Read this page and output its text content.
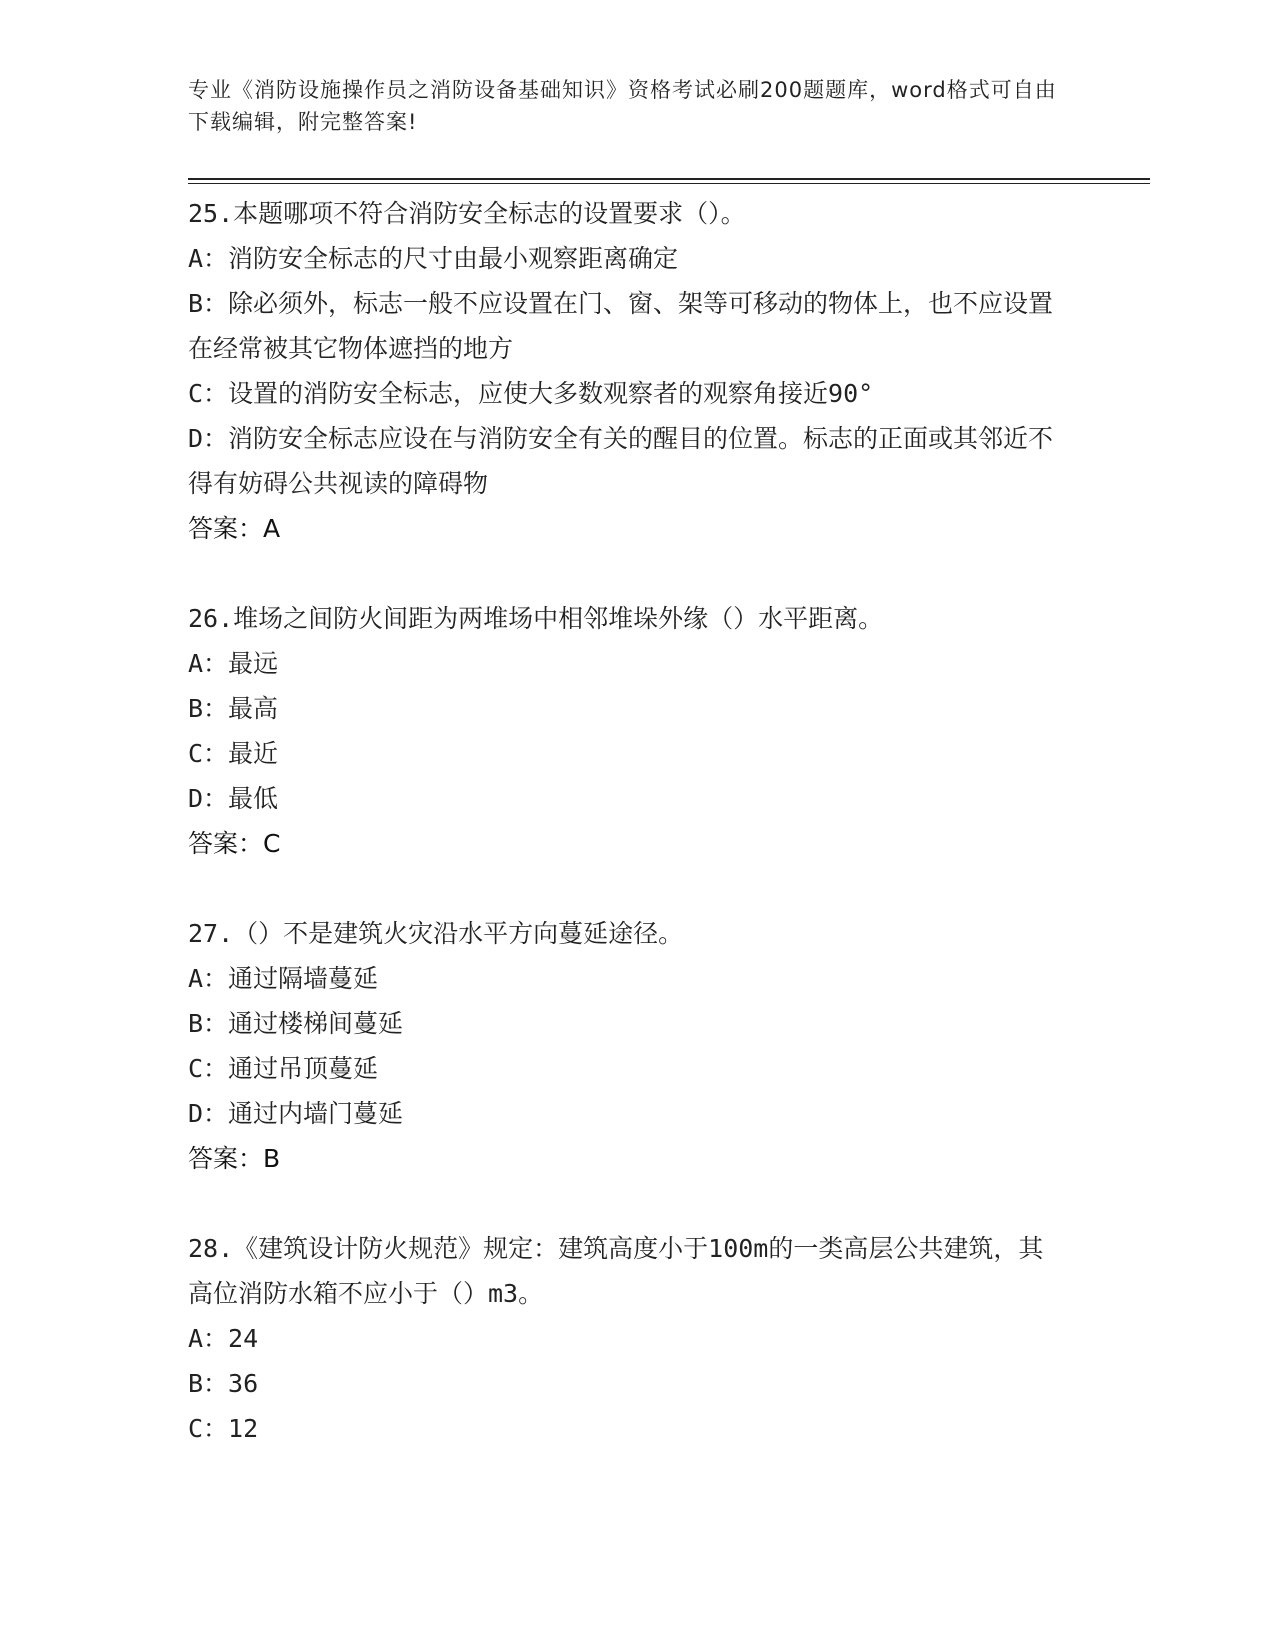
专业《消防设施操作员之消防设备基础知识》资格考试必刷200题题库，word格式可自由下载编辑，附完整答案!
25.本题哪项不符合消防安全标志的设置要求（）。
A：消防安全标志的尺寸由最小观察距离确定
B：除必须外，标志一般不应设置在门、窗、架等可移动的物体上，也不应设置在经常被其它物体遮挡的地方
C：设置的消防安全标志，应使大多数观察者的观察角接近90°
D：消防安全标志应设在与消防安全有关的醒目的位置。标志的正面或其邻近不得有妨碍公共视读的障碍物
答案：A
26.堆场之间防火间距为两堆场中相邻堆垛外缘（）水平距离。
A：最远
B：最高
C：最近
D：最低
答案：C
27.（）不是建筑火灾沿水平方向蔓延途径。
A：通过隔墙蔓延
B：通过楼梯间蔓延
C：通过吊顶蔓延
D：通过内墙门蔓延
答案：B
28.《建筑设计防火规范》规定：建筑高度小于100m的一类高层公共建筑，其高位消防水箱不应小于（）m3。
A：24
B：36
C：12
